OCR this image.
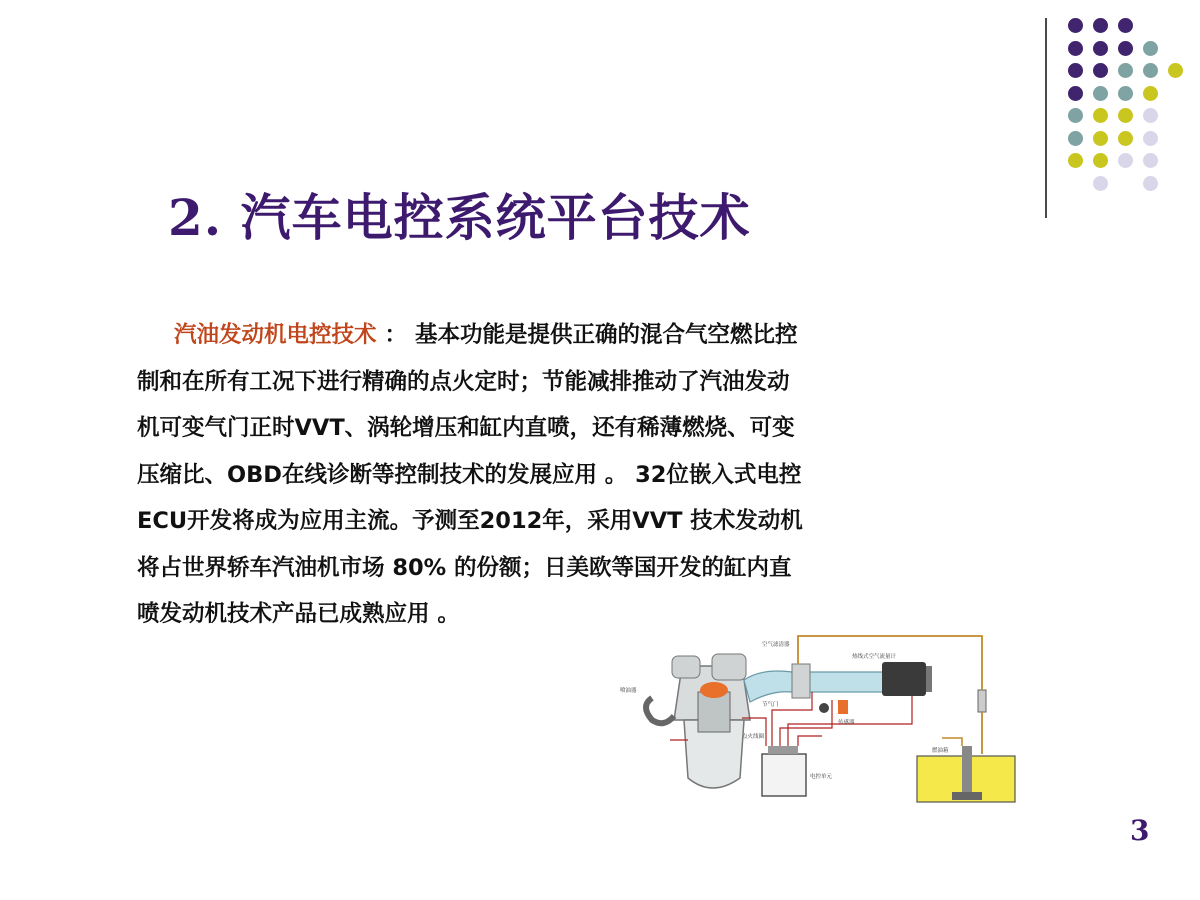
2. 汽车电控系统平台技术
汽油发动机电控技术 ： 基本功能是提供正确的混合气空燃比控
制和在所有工况下进行精确的点火定时；节能减排推动了汽油发动
机可变气门正时VVT、涡轮增压和缸内直喷，还有稀薄燃烧、可变
压缩比、OBD在线诊断等控制技术的发展应用 。 32位嵌入式电控
ECU开发将成为应用主流。予测至2012年，采用VVT 技术发动机
将占世界轿车汽油机市场 80% 的份额；日美欧等国开发的缸内直
喷发动机技术产品已成熟应用 。
喷油器
热线式空气流量计
传感器
燃油箱
电控单元
节气门
点火线圈
空气滤清器
3
